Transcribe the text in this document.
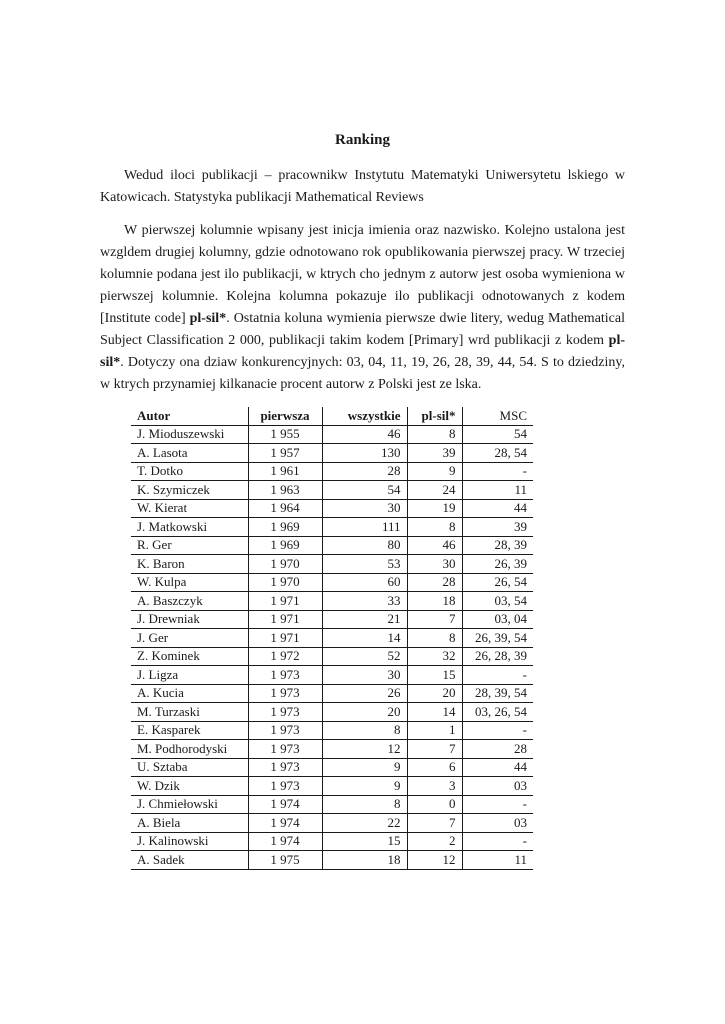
Ranking

Wedud iloci publikacji – pracownikw Instytutu Matematyki Uniwersytetu lskiego w Katowicach. Statystyka publikacji Mathematical Reviews

W pierwszej kolumnie wpisany jest inicja imienia oraz nazwisko. Kolejno ustalona jest wzgldem drugiej kolumny, gdzie odnotowano rok opublikowania pierwszej pracy. W trzeciej kolumnie podana jest ilo publikacji, w ktrych cho jednym z autorw jest osoba wymieniona w pierwszej kolumnie. Kolejna kolumna pokazuje ilo publikacji odnotowanych z kodem [Institute code] pl-sil*. Ostatnia koluna wymienia pierwsze dwie litery, wedug Mathematical Subject Classification 2 000, publikacji takim kodem [Primary] wrd publikacji z kodem pl-sil*. Dotyczy ona dziaw konkurencyjnych: 03, 04, 11, 19, 26, 28, 39, 44, 54. S to dziedziny, w ktrych przynamiej kilkanacie procent autorw z Polski jest ze lska.

Autor	pierwsza	wszystkie	pl-sil*	MSC
J. Mioduszewski	1 955	46	8	54
A. Lasota	1 957	130	39	28, 54
T. Dotko	1 961	28	9	-
K. Szymiczek	1 963	54	24	11
W. Kierat	1 964	30	19	44
J. Matkowski	1 969	111	8	39
R. Ger	1 969	80	46	28, 39
K. Baron	1 970	53	30	26, 39
W. Kulpa	1 970	60	28	26, 54
A. Baszczyk	1 971	33	18	03, 54
J. Drewniak	1 971	21	7	03, 04
J. Ger	1 971	14	8	26, 39, 54
Z. Kominek	1 972	52	32	26, 28, 39
J. Ligza	1 973	30	15	-
A. Kucia	1 973	26	20	28, 39, 54
M. Turzaski	1 973	20	14	03, 26, 54
E. Kasparek	1 973	8	1	-
M. Podhorodyski	1 973	12	7	28
U. Sztaba	1 973	9	6	44
W. Dzik	1 973	9	3	03
J. Chmiełowski	1 974	8	0	-
A. Biela	1 974	22	7	03
J. Kalinowski	1 974	15	2	-
A. Sadek	1 975	18	12	11
